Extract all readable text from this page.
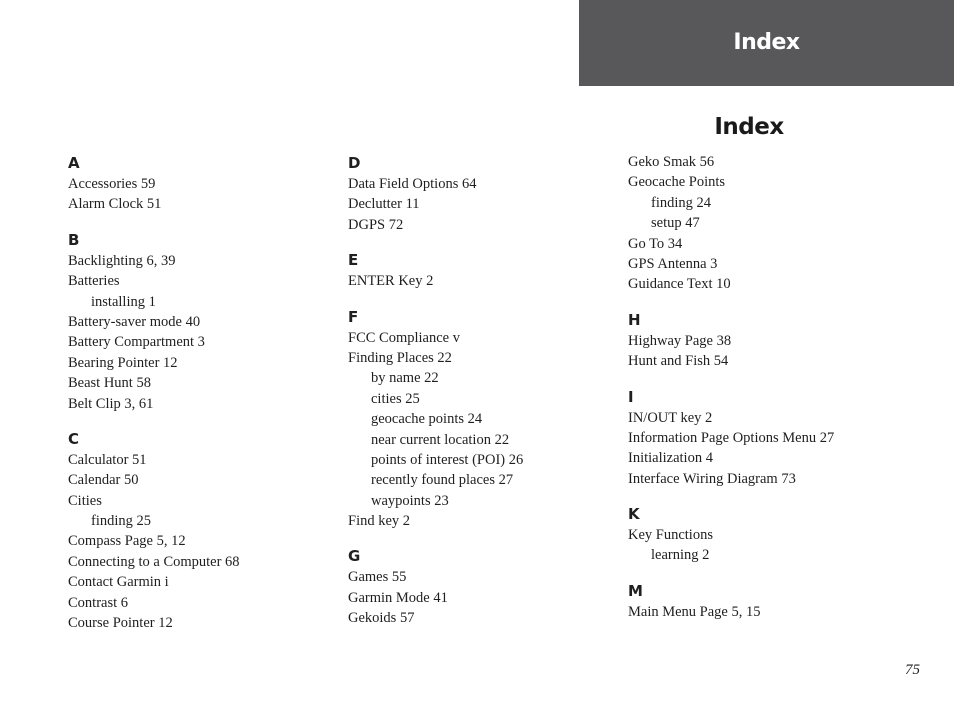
Index
Index
A
Accessories 59
Alarm Clock 51
B
Backlighting 6, 39
Batteries
installing 1
Battery-saver mode 40
Battery Compartment 3
Bearing Pointer 12
Beast Hunt 58
Belt Clip 3, 61
C
Calculator 51
Calendar 50
Cities
finding 25
Compass Page 5, 12
Connecting to a Computer 68
Contact Garmin i
Contrast 6
Course Pointer 12
D
Data Field Options 64
Declutter 11
DGPS 72
E
ENTER Key 2
F
FCC Compliance v
Finding Places 22
by name 22
cities 25
geocache points 24
near current location 22
points of interest (POI) 26
recently found places 27
waypoints 23
Find key 2
G
Games 55
Garmin Mode 41
Gekoids 57
Geko Smak 56
Geocache Points
finding 24
setup 47
Go To 34
GPS Antenna 3
Guidance Text 10
H
Highway Page 38
Hunt and Fish 54
I
IN/OUT key 2
Information Page Options Menu 27
Initialization 4
Interface Wiring Diagram 73
K
Key Functions
learning 2
M
Main Menu Page 5, 15
75
